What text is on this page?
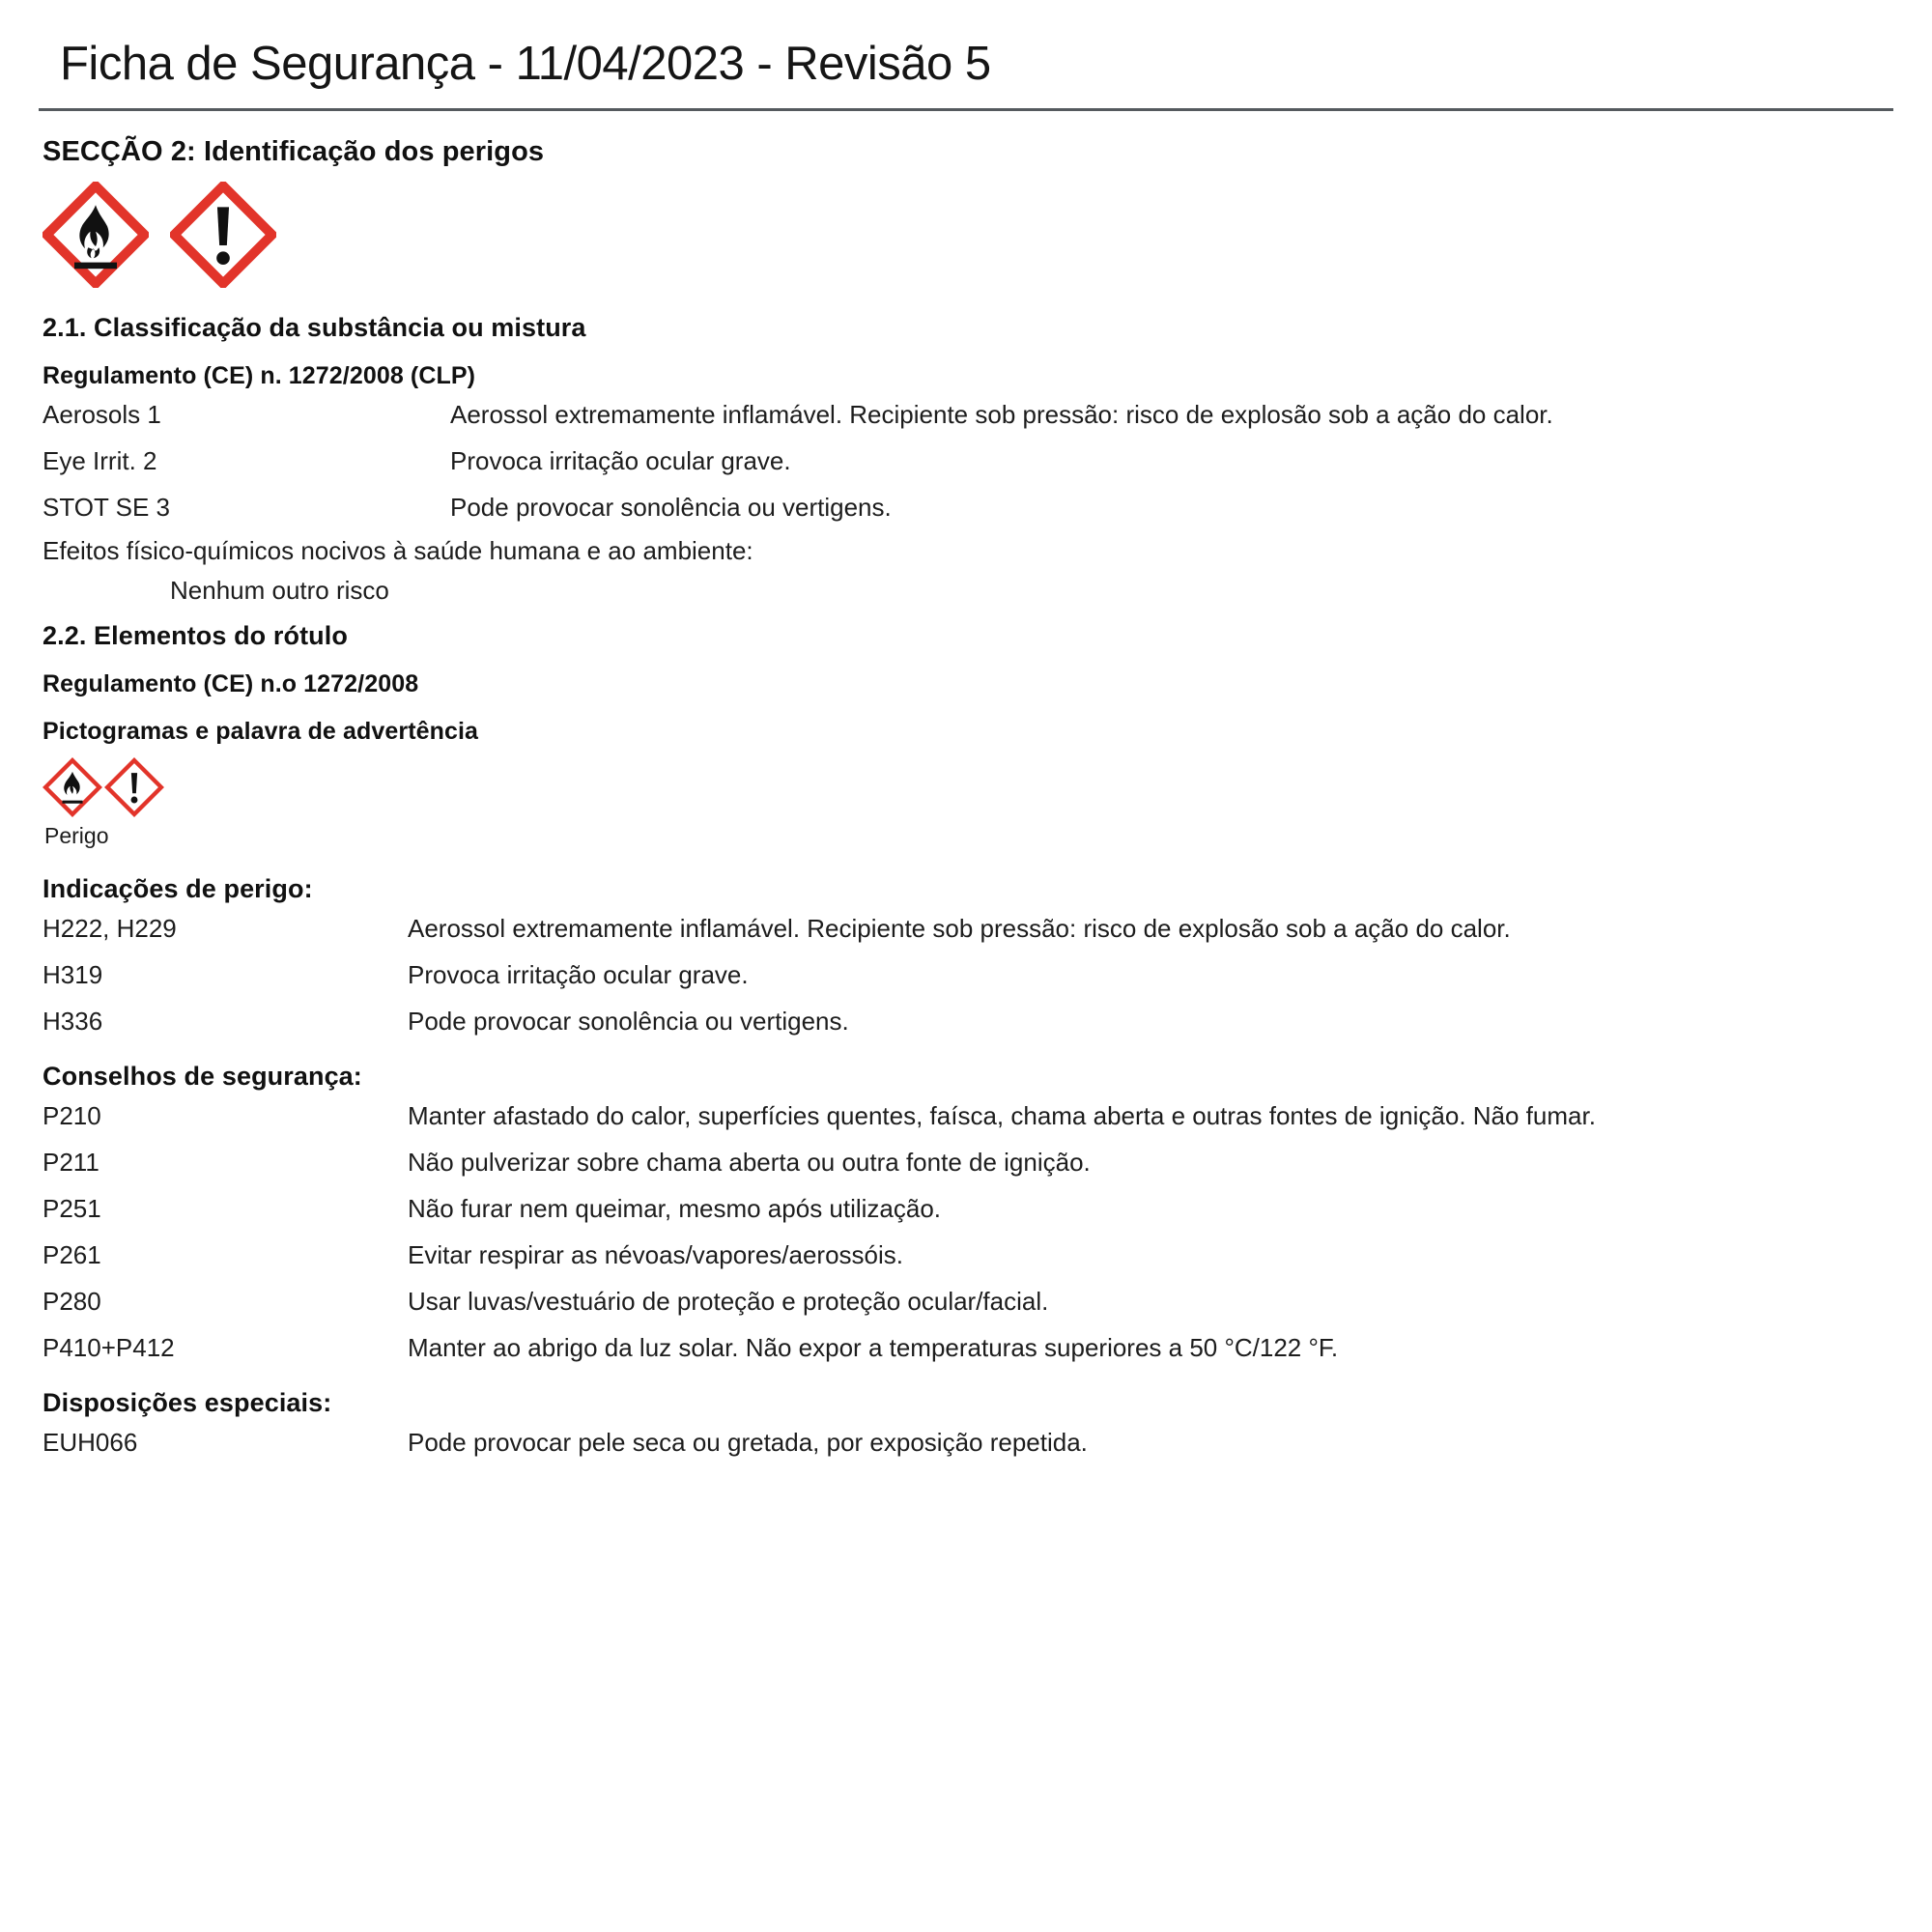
Ficha de Segurança - 11/04/2023 - Revisão 5
SECÇÃO 2: Identificação dos perigos
2.1. Classificação da substância ou mistura
Regulamento (CE) n. 1272/2008 (CLP)
Aerosols 1	Aerossol extremamente inflamável. Recipiente sob pressão: risco de explosão sob a ação do calor.
Eye Irrit. 2	Provoca irritação ocular grave.
STOT SE 3	Pode provocar sonolência ou vertigens.
Efeitos físico-químicos nocivos à saúde humana e ao ambiente:
Nenhum outro risco
2.2. Elementos do rótulo
Regulamento (CE) n.o 1272/2008
Pictogramas e palavra de advertência
Perigo
Indicações de perigo:
H222, H229	Aerossol extremamente inflamável. Recipiente sob pressão: risco de explosão sob a ação do calor.
H319	Provoca irritação ocular grave.
H336	Pode provocar sonolência ou vertigens.
Conselhos de segurança:
P210	Manter afastado do calor, superfícies quentes, faísca, chama aberta e outras fontes de ignição. Não fumar.
P211	Não pulverizar sobre chama aberta ou outra fonte de ignição.
P251	Não furar nem queimar, mesmo após utilização.
P261	Evitar respirar as névoas/vapores/aerossóis.
P280	Usar luvas/vestuário de proteção e proteção ocular/facial.
P410+P412	Manter ao abrigo da luz solar. Não expor a temperaturas superiores a 50 °C/122 °F.
Disposições especiais:
EUH066	Pode provocar pele seca ou gretada, por exposição repetida.
